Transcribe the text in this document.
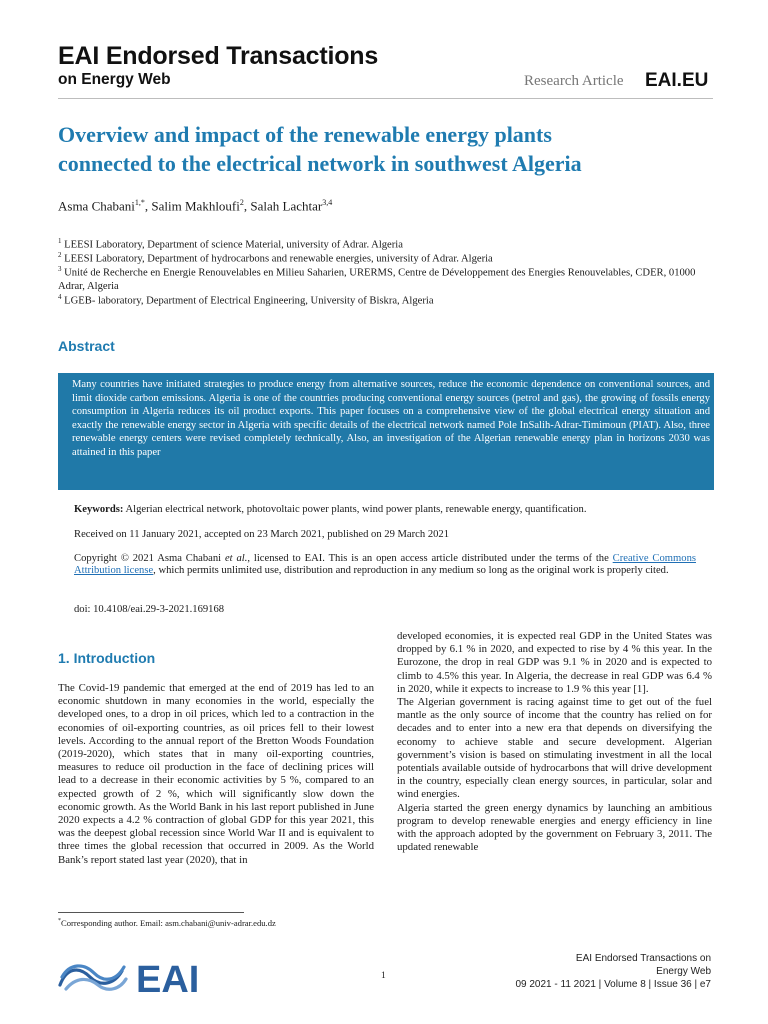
EAI Endorsed Transactions
on Energy Web	Research Article EAI.EU
Overview and impact of the renewable energy plants
connected to the electrical network in southwest Algeria
Asma Chabani$^{1,*}$, Salim Makhloufi$^2$, Salah Lachtar$^{3,4}$
$^1$ LEESI Laboratory, Department of science Material, university of Adrar. Algeria
$^2$ LEESI Laboratory, Department of hydrocarbons and renewable energies, university of Adrar. Algeria
$^3$ Unité de Recherche en Energie Renouvelables en Milieu Saharien, URERMS, Centre de Développement des Energies Renouvelables, CDER, 01000 Adrar, Algeria
$^4$ LGEB- laboratory, Department of Electrical Engineering, University of Biskra, Algeria
Abstract
Many countries have initiated strategies to produce energy from alternative sources, reduce the economic dependence on conventional sources, and limit dioxide carbon emissions. Algeria is one of the countries producing conventional energy sources (petrol and gas), the growing of fossils energy consumption in Algeria reduces its oil product exports. This paper focuses on a comprehensive view of the global electrical energy situation and exactly the renewable energy sector in Algeria with specific details of the electrical network named Pole InSalih-Adrar-Timimoun (PIAT). Also, three renewable energy centers were revised completely technically, Also, an investigation of the Algerian renewable energy plan in horizons 2030 was attained in this paper
Keywords: Algerian electrical network, photovoltaic power plants, wind power plants, renewable energy, quantification.
Received on 11 January 2021, accepted on 23 March 2021, published on 29 March 2021
Copyright © 2021 Asma Chabani et al., licensed to EAI. This is an open access article distributed under the terms of the Creative Commons Attribution license, which permits unlimited use, distribution and reproduction in any medium so long as the original work is properly cited.
doi: 10.4108/eai.29-3-2021.169168
1. Introduction

The Covid-19 pandemic that emerged at the end of 2019 has led to an economic shutdown in many economies in the world, especially the developed ones, to a drop in oil prices, which led to a contraction in the economies of oil-exporting countries, as oil prices fell to their lowest levels. According to the annual report of the Bretton Woods Foundation (2019-2020), which states that in many oil-exporting countries, measures to reduce oil production in the face of declining prices will lead to a decrease in their economic activities by 5 %, compared to an expected growth of 2 %, which will significantly slow down the economic growth. As the World Bank in his last report published in June 2020 expects a 4.2 % contraction of global GDP for this year 2021, this was the deepest global recession since World War II and is equivalent to three times the global recession that occurred in 2009. As the World Bank’s report stated last year (2020), that in

developed economies, it is expected real GDP in the United States was dropped by 6.1 % in 2020, and expected to rise by 4 % this year. In the Eurozone, the drop in real GDP was 9.1 % in 2020 and is expected to climb to 4.5% this year. In Algeria, the decrease in real GDP was 6.4 % in 2020, while it expects to increase to 1.9 % this year [1].

The Algerian government is racing against time to get out of the fuel mantle as the only source of income that the country has relied on for decades and to enter into a new era that depends on diversifying the economy to achieve stable and secure development. Algerian government’s vision is based on stimulating investment in all the local potentials available outside of hydrocarbons that will drive development in the country, especially clean energy sources, in particular, solar and wind energies.

Algeria started the green energy dynamics by launching an ambitious program to develop renewable energies and energy efficiency in line with the approach adopted by the government on February 3, 2011. The updated renewable

*Corresponding author. Email: asm.chabani@univ-adrar.edu.dz
EAI	1
EAI Endorsed Transactions on
Energy Web
09 2021 - 11 2021 | Volume 8 | Issue 36 | e7
